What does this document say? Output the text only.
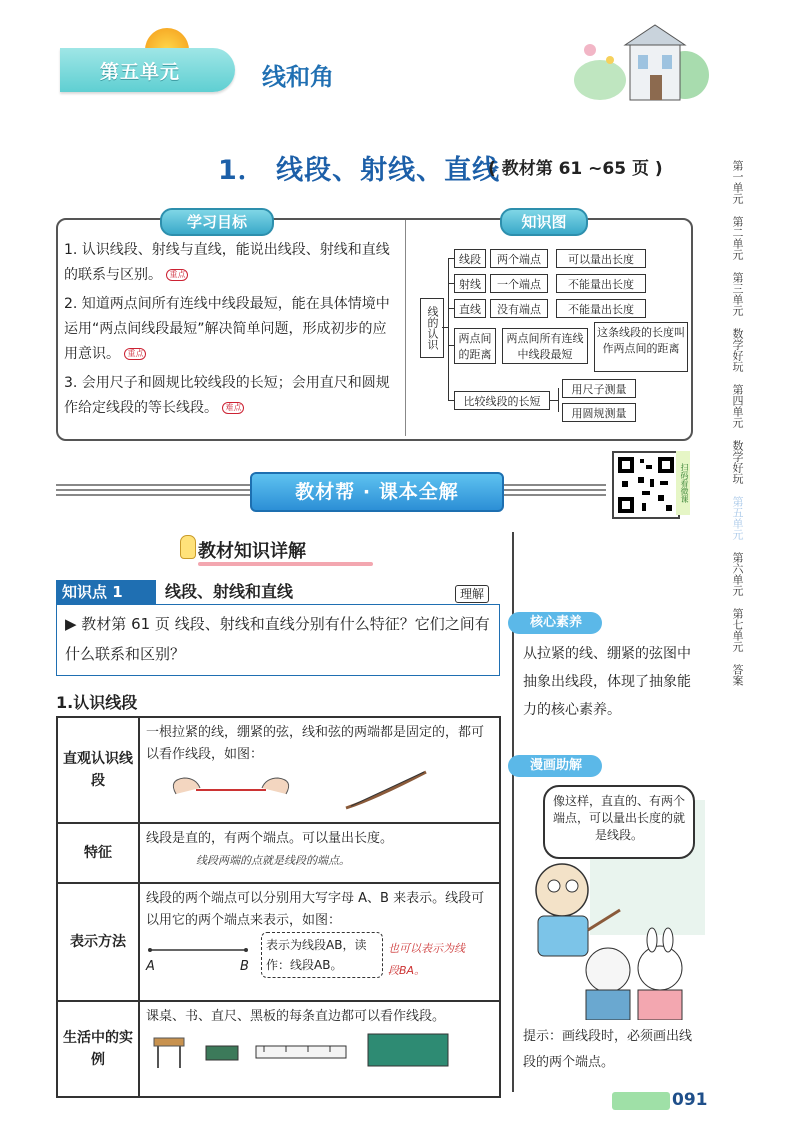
第五单元	线和角
1． 线段、射线、直线
( 教材第 61 ~65 页 )	第一单元
第二单元
第三单元
数学好玩
第四单元
数学好玩
第五单元
第六单元
第七单元
答案
学习目标	知识图
1. 认识线段、射线与直线，能说出线段、射线和直线的联系与区别。 重点
2. 知道两点间所有连线中线段最短，能在具体情境中运用“两点间线段最短”解决简单问题，形成初步的应用意识。 重点
3. 会用尺子和圆规比较线段的长短；会用直尺和圆规作给定线段的等长线段。 难点
线的认识
线段	两个端点	可以量出长度
射线	一个端点	不能量出长度
直线	没有端点	不能量出长度
两点间的距离
两点间所有连线中线段最短
这条线段的长度叫作两点间的距离
比较线段的长短
用尺子测量
用圆规测量
教材帮 · 课本全解	扫码看微课
教材知识详解
知识点 1	线段、射线和直线	理解
▶ 教材第 61 页 线段、射线和直线分别有什么特征？它们之间有什么联系和区别？
1.认识线段
直观认识线段	一根拉紧的线，绷紧的弦，线和弦的两端都是固定的，都可以看作线段，如图：

特征	线段是直的，有两个端点。可以量出长度。
线段两端的点就是线段的端点。

表示方法	线段的两个端点可以分别用大写字母 A、B 来表示。线段可以用它的两个端点来表示，如图：
A B
表示为线段AB，读作：线段AB。
也可以表示为线段BA。

生活中的实例	课桌、书、直尺、黑板的每条直边都可以看作线段。
核心素养
从拉紧的线、绷紧的弦图中抽象出线段，体现了抽象能力的核心素养。
漫画助解
像这样，直直的、有两个端点，可以量出长度的就是线段。
提示：画线段时，必须画出线段的两个端点。
091
